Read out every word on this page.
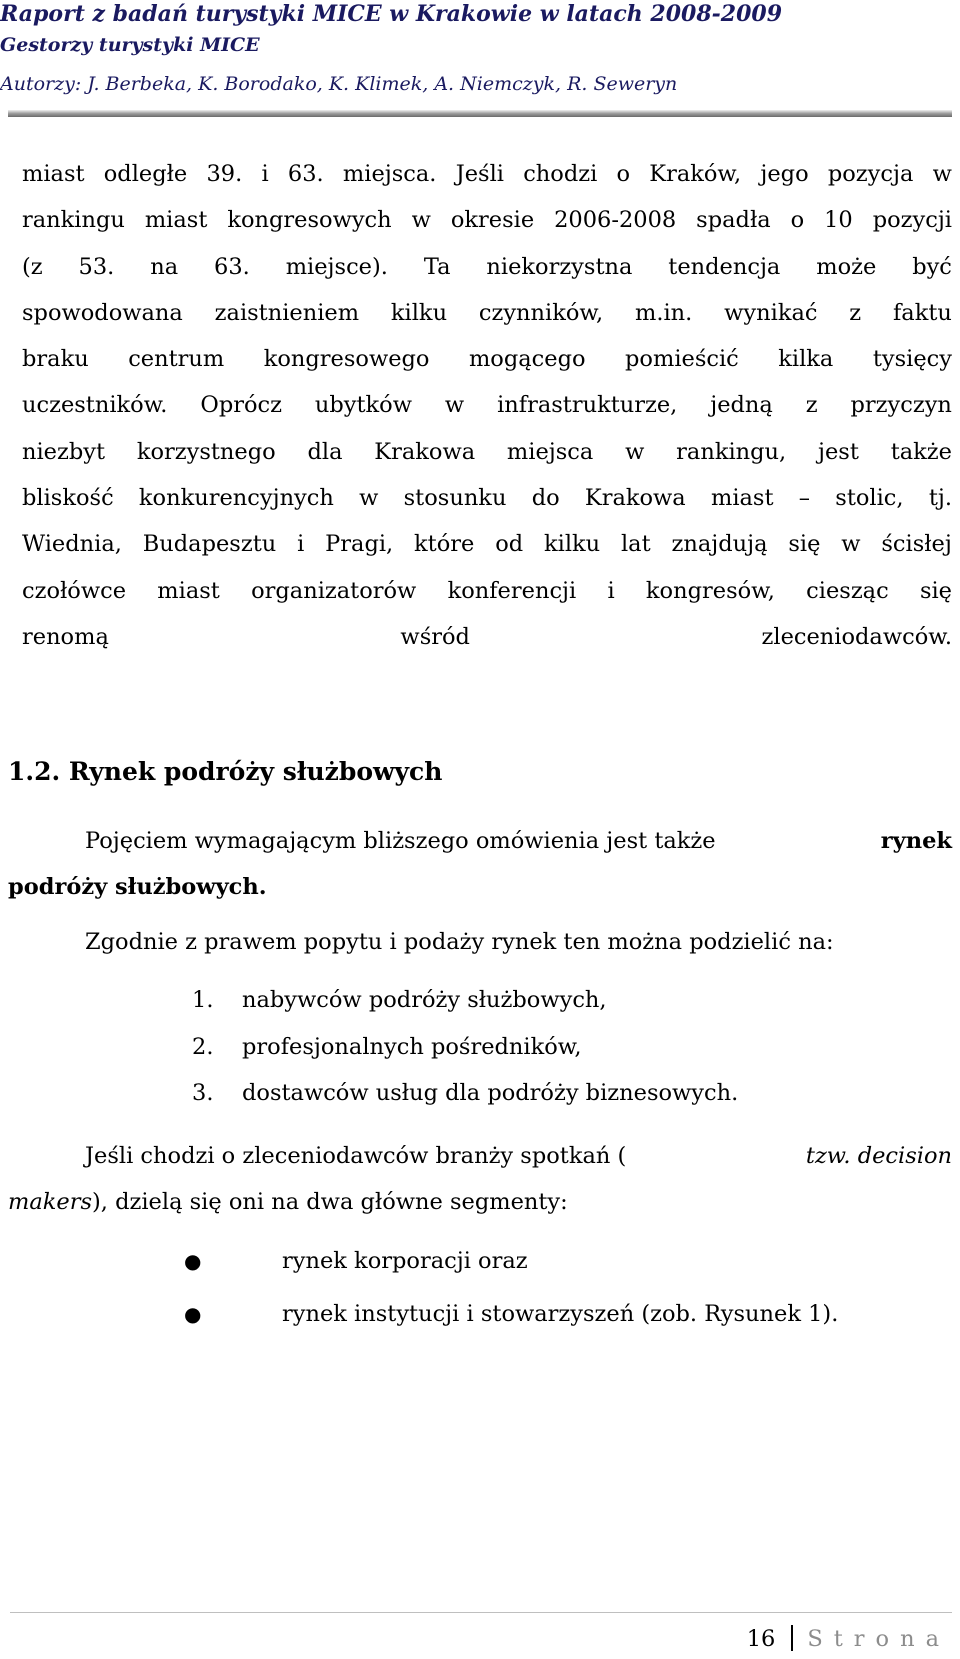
Raport z badań turystyki MICE w Krakowie w latach 2008-2009
Gestorzy turystyki MICE
Autorzy: J. Berbeka, K. Borodako, K. Klimek, A. Niemczyk, R. Seweryn
miast odległe 39. i 63. miejsca. Jeśli chodzi o Kraków, jego pozycja w
rankingu miast kongresowych w okresie 2006-2008 spadła o 10 pozycji
(z 53. na 63. miejsce). Ta niekorzystna tendencja może być
spowodowana zaistnieniem kilku czynników, m.in. wynikać z faktu
braku centrum kongresowego mogącego pomieścić kilka tysięcy
uczestników. Oprócz ubytków w infrastrukturze, jedną z przyczyn
niezbyt korzystnego dla Krakowa miejsca w rankingu, jest także
bliskość konkurencyjnych w stosunku do Krakowa miast – stolic, tj.
Wiednia, Budapesztu i Pragi, które od kilku lat znajdują się w ścisłej
czołówce miast organizatorów konferencji i kongresów, ciesząc się
renomą wśród zleceniodawców.
1.2. Rynek podróży służbowych
Pojęciem wymagającym bliższego omówienia jest także	rynek
podróży służbowych.
Zgodnie z prawem popytu i podaży rynek ten można podzielić na:
1.	nabywców podróży służbowych,
2.	profesjonalnych pośredników,
3.	dostawców usług dla podróży biznesowych.
Jeśli chodzi o zleceniodawców branży spotkań (	tzw. decision
makers), dzielą się oni na dwa główne segmenty:
●	rynek korporacji oraz
●	rynek instytucji i stowarzyszeń (zob. Rysunek 1).
16 Strona
